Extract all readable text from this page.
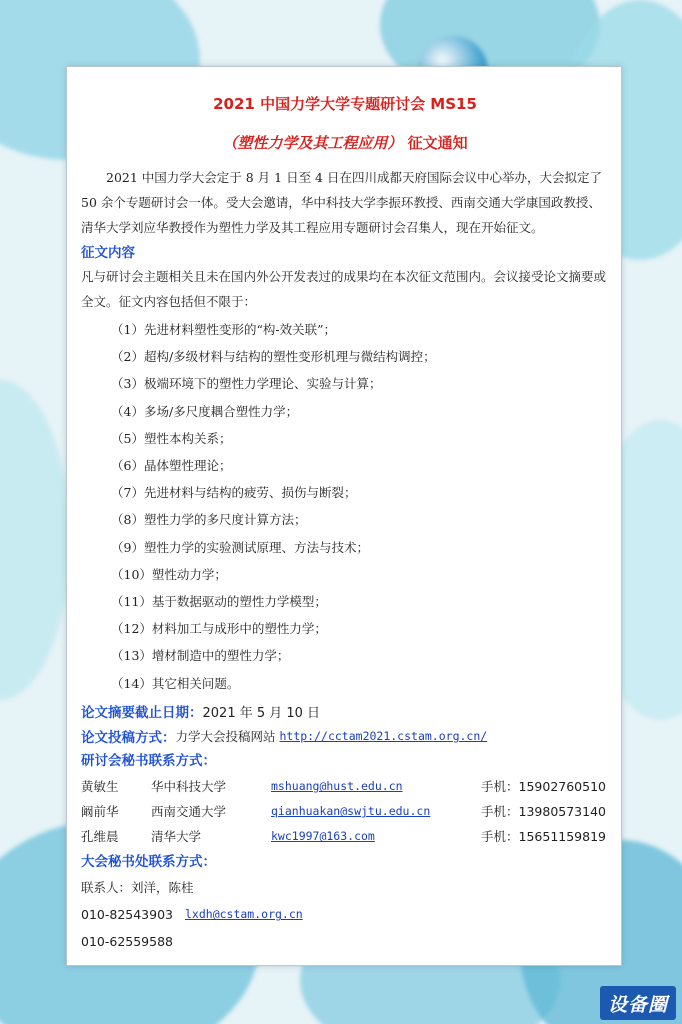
2021 中国力学大学专题研讨会 MS15
（塑性力学及其工程应用） 征文通知
2021 中国力学大会定于 8 月 1 日至 4 日在四川成都天府国际会议中心举办，大会拟定了 50 余个专题研讨会一体。受大会邀请，华中科技大学李振环教授、西南交通大学康国政教授、清华大学刘应华教授作为塑性力学及其工程应用专题研讨会召集人，现在开始征文。
征文内容
凡与研讨会主题相关且未在国内外公开发表过的成果均在本次征文范围内。会议接受论文摘要或全文。征文内容包括但不限于：
（1）先进材料塑性变形的“构-效关联”；
（2）超构/多级材料与结构的塑性变形机理与微结构调控；
（3）极端环境下的塑性力学理论、实验与计算；
（4）多场/多尺度耦合塑性力学；
（5）塑性本构关系；
（6）晶体塑性理论；
（7）先进材料与结构的疲劳、损伤与断裂；
（8）塑性力学的多尺度计算方法；
（9）塑性力学的实验测试原理、方法与技术；
（10）塑性动力学；
（11）基于数据驱动的塑性力学模型；
（12）材料加工与成形中的塑性力学；
（13）增材制造中的塑性力学；
（14）其它相关问题。
论文摘要截止日期： 2021 年 5 月 10 日
论文投稿方式： 力学大会投稿网站 http://cctam2021.cstam.org.cn/
研讨会秘书联系方式：
黄敏生	华中科技大学	mshuang@hust.edu.cn	手机： 15902760510
阚前华	西南交通大学	qianhuakan@swjtu.edu.cn	手机： 13980573140
孔维晨	清华大学	kwc1997@163.com	手机： 15651159819
大会秘书处联系方式：
联系人：刘洋，陈桂
010-82543903 lxdh@cstam.org.cn
010-62559588
设备圈
